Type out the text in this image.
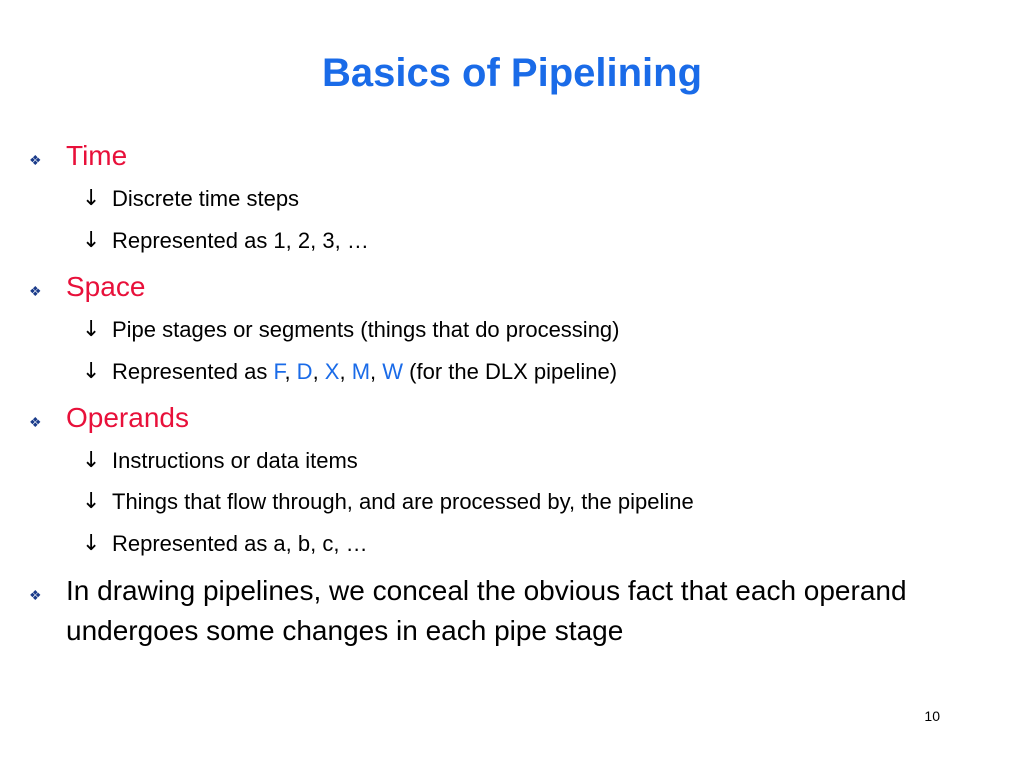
Basics of Pipelining
❖ Time
↓ Discrete time steps
↓ Represented as 1, 2, 3, …
❖ Space
↓ Pipe stages or segments (things that do processing)
↓ Represented as F, D, X, M, W (for the DLX pipeline)
❖ Operands
↓ Instructions or data items
↓ Things that flow through, and are processed by, the pipeline
↓ Represented as a, b, c, …
❖ In drawing pipelines, we conceal the obvious fact that each operand undergoes some changes in each pipe stage
10
